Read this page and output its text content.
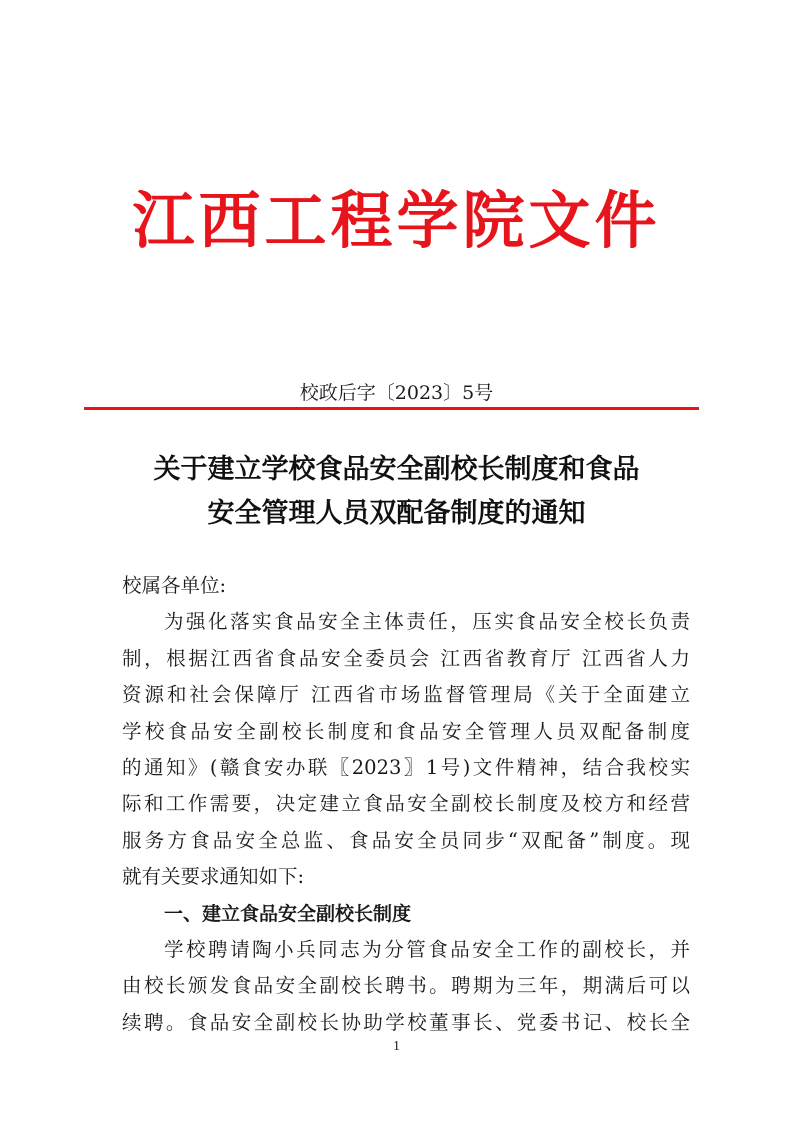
江西工程学院文件
校政后字〔2023〕5号
关于建立学校食品安全副校长制度和食品
安全管理人员双配备制度的通知
校属各单位:
为强化落实食品安全主体责任，压实食品安全校长负责
制，根据江西省食品安全委员会 江西省教育厅 江西省人力
资源和社会保障厅 江西省市场监督管理局《关于全面建立
学校食品安全副校长制度和食品安全管理人员双配备制度
的通知》(赣食安办联〖2023〗1号)文件精神，结合我校实
际和工作需要，决定建立食品安全副校长制度及校方和经营
服务方食品安全总监、食品安全员同步“双配备”制度。现
就有关要求通知如下:
一、建立食品安全副校长制度
学校聘请陶小兵同志为分管食品安全工作的副校长，并
由校长颁发食品安全副校长聘书。聘期为三年，期满后可以
续聘。食品安全副校长协助学校董事长、党委书记、校长全
1
